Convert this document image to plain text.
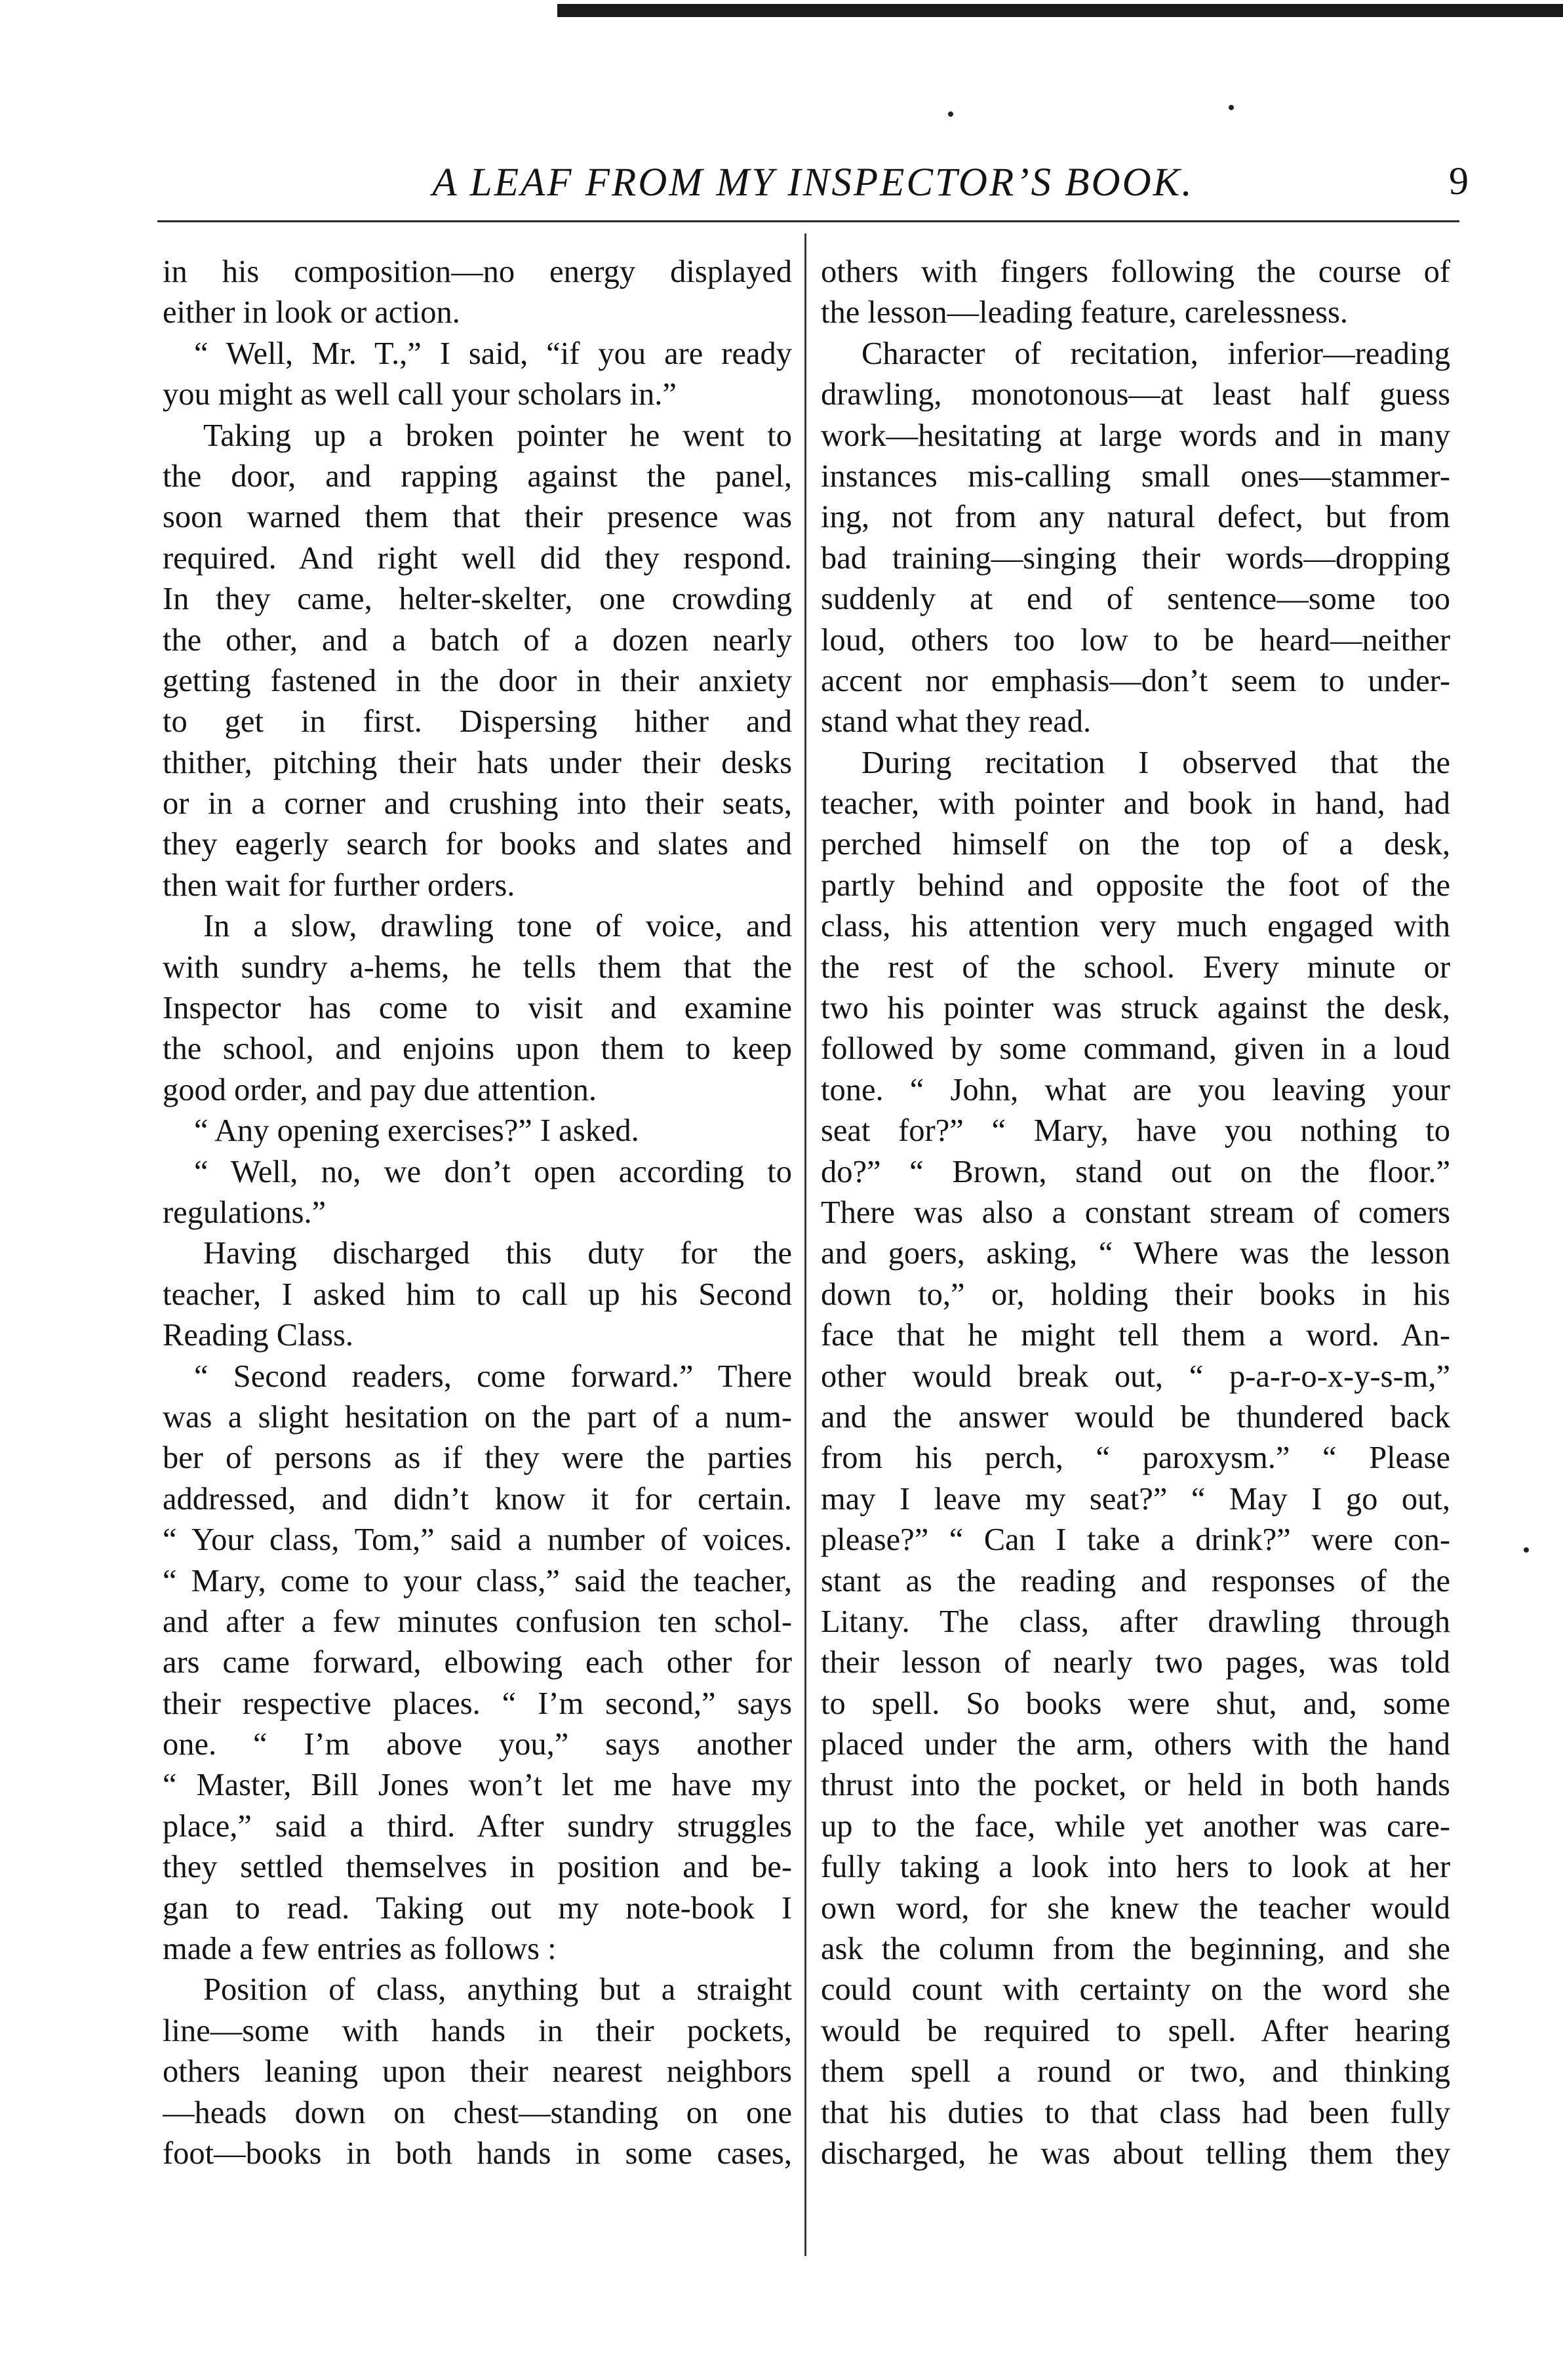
A LEAF FROM MY INSPECTOR’S BOOK.	9
in his composition—no energy displayed
either in look or action.
“ Well, Mr. T.,” I said, “if you are ready
you might as well call your scholars in.”
Taking up a broken pointer he went to
the door, and rapping against the panel,
soon warned them that their presence was
required. And right well did they respond.
In they came, helter-skelter, one crowding
the other, and a batch of a dozen nearly
getting fastened in the door in their anxiety
to get in first. Dispersing hither and
thither, pitching their hats under their desks
or in a corner and crushing into their seats,
they eagerly search for books and slates and
then wait for further orders.
In a slow, drawling tone of voice, and
with sundry a-hems, he tells them that the
Inspector has come to visit and examine
the school, and enjoins upon them to keep
good order, and pay due attention.
“ Any opening exercises?” I asked.
“ Well, no, we don’t open according to
regulations.”
Having discharged this duty for the
teacher, I asked him to call up his Second
Reading Class.
“ Second readers, come forward.” There
was a slight hesitation on the part of a num-
ber of persons as if they were the parties
addressed, and didn’t know it for certain.
“ Your class, Tom,” said a number of voices.
“ Mary, come to your class,” said the teacher,
and after a few minutes confusion ten schol-
ars came forward, elbowing each other for
their respective places. “ I’m second,” says
one. “ I’m above you,” says another
“ Master, Bill Jones won’t let me have my
place,” said a third. After sundry struggles
they settled themselves in position and be-
gan to read. Taking out my note-book I
made a few entries as follows :
Position of class, anything but a straight
line—some with hands in their pockets,
others leaning upon their nearest neighbors
—heads down on chest—standing on one
foot—books in both hands in some cases,
others with fingers following the course of
the lesson—leading feature, carelessness.
Character of recitation, inferior—reading
drawling, monotonous—at least half guess
work—hesitating at large words and in many
instances mis-calling small ones—stammer-
ing, not from any natural defect, but from
bad training—singing their words—dropping
suddenly at end of sentence—some too
loud, others too low to be heard—neither
accent nor emphasis—don’t seem to under-
stand what they read.
During recitation I observed that the
teacher, with pointer and book in hand, had
perched himself on the top of a desk,
partly behind and opposite the foot of the
class, his attention very much engaged with
the rest of the school. Every minute or
two his pointer was struck against the desk,
followed by some command, given in a loud
tone. “ John, what are you leaving your
seat for?” “ Mary, have you nothing to
do?” “ Brown, stand out on the floor.”
There was also a constant stream of comers
and goers, asking, “ Where was the lesson
down to,” or, holding their books in his
face that he might tell them a word. An-
other would break out, “ p-a-r-o-x-y-s-m,”
and the answer would be thundered back
from his perch, “ paroxysm.” “ Please
may I leave my seat?” “ May I go out,
please?” “ Can I take a drink?” were con-
stant as the reading and responses of the
Litany. The class, after drawling through
their lesson of nearly two pages, was told
to spell. So books were shut, and, some
placed under the arm, others with the hand
thrust into the pocket, or held in both hands
up to the face, while yet another was care-
fully taking a look into hers to look at her
own word, for she knew the teacher would
ask the column from the beginning, and she
could count with certainty on the word she
would be required to spell. After hearing
them spell a round or two, and thinking
that his duties to that class had been fully
discharged, he was about telling them they
